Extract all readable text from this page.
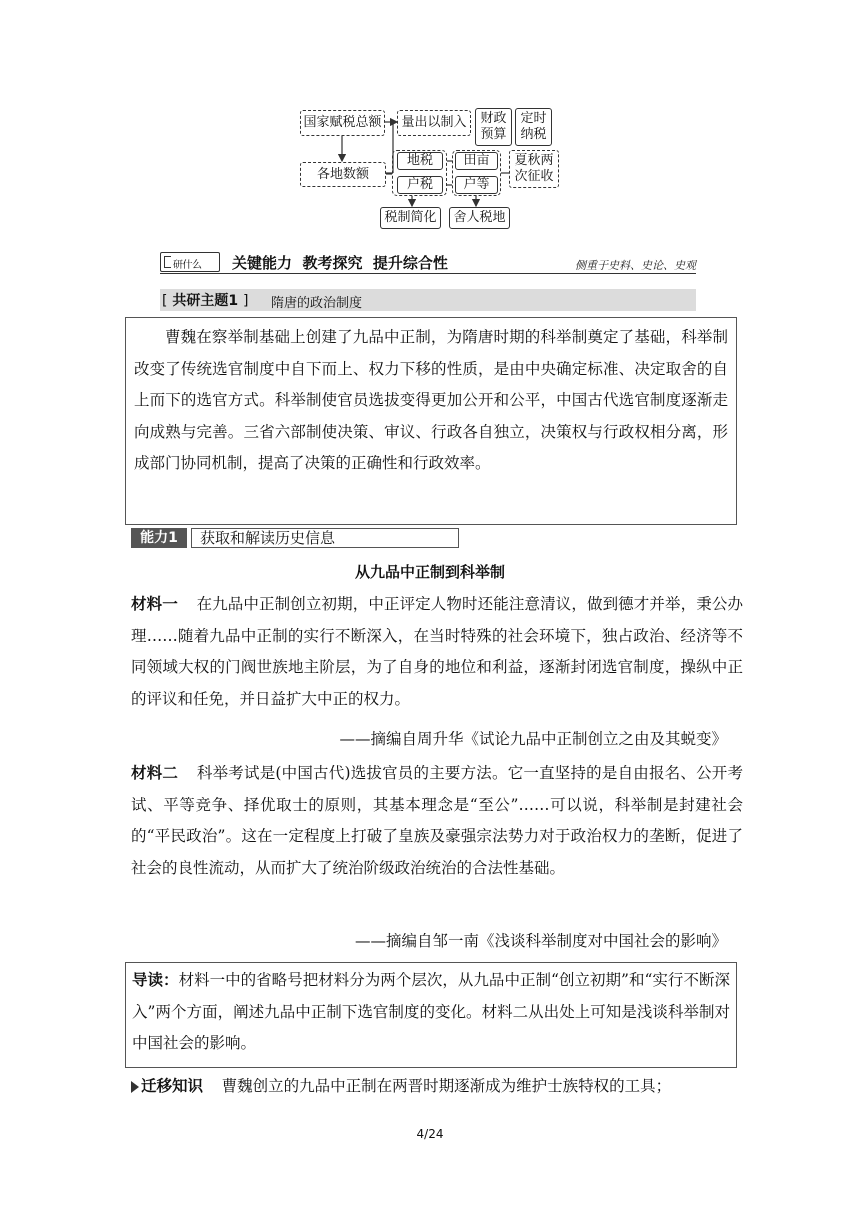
国家赋税总额	量出以制入	财政预算
定时纳税
各地数额
地税
户税
田亩
户等
夏秋两次征收
税制简化	舍人税地
研什么 关键能力  教考探究  提升综合性	侧重于史料、史论、史观
[ 共研主题1 ] 隋唐的政治制度
曹魏在察举制基础上创建了九品中正制，为隋唐时期的科举制奠定了基础，科举制改变了传统选官制度中自下而上、权力下移的性质，是由中央确定标准、决定取舍的自上而下的选官方式。科举制使官员选拔变得更加公开和公平，中国古代选官制度逐渐走向成熟与完善。三省六部制使决策、审议、行政各自独立，决策权与行政权相分离，形成部门协同机制，提高了决策的正确性和行政效率。
能力1	获取和解读历史信息
从九品中正制到科举制
材料一 在九品中正制创立初期，中正评定人物时还能注意清议，做到德才并举，秉公办理……随着九品中正制的实行不断深入，在当时特殊的社会环境下，独占政治、经济等不同领域大权的门阀世族地主阶层，为了自身的地位和利益，逐渐封闭选官制度，操纵中正的评议和任免，并日益扩大中正的权力。
——摘编自周升华《试论九品中正制创立之由及其蜕变》
材料二 科举考试是(中国古代)选拔官员的主要方法。它一直坚持的是自由报名、公开考试、平等竞争、择优取士的原则，其基本理念是“至公”……可以说，科举制是封建社会的“平民政治”。这在一定程度上打破了皇族及豪强宗法势力对于政治权力的垄断，促进了社会的良性流动，从而扩大了统治阶级政治统治的合法性基础。
——摘编自邹一南《浅谈科举制度对中国社会的影响》
导读：材料一中的省略号把材料分为两个层次，从九品中正制“创立初期”和“实行不断深入”两个方面，阐述九品中正制下选官制度的变化。材料二从出处上可知是浅谈科举制对中国社会的影响。
迁移知识 曹魏创立的九品中正制在两晋时期逐渐成为维护士族特权的工具；
4/24
